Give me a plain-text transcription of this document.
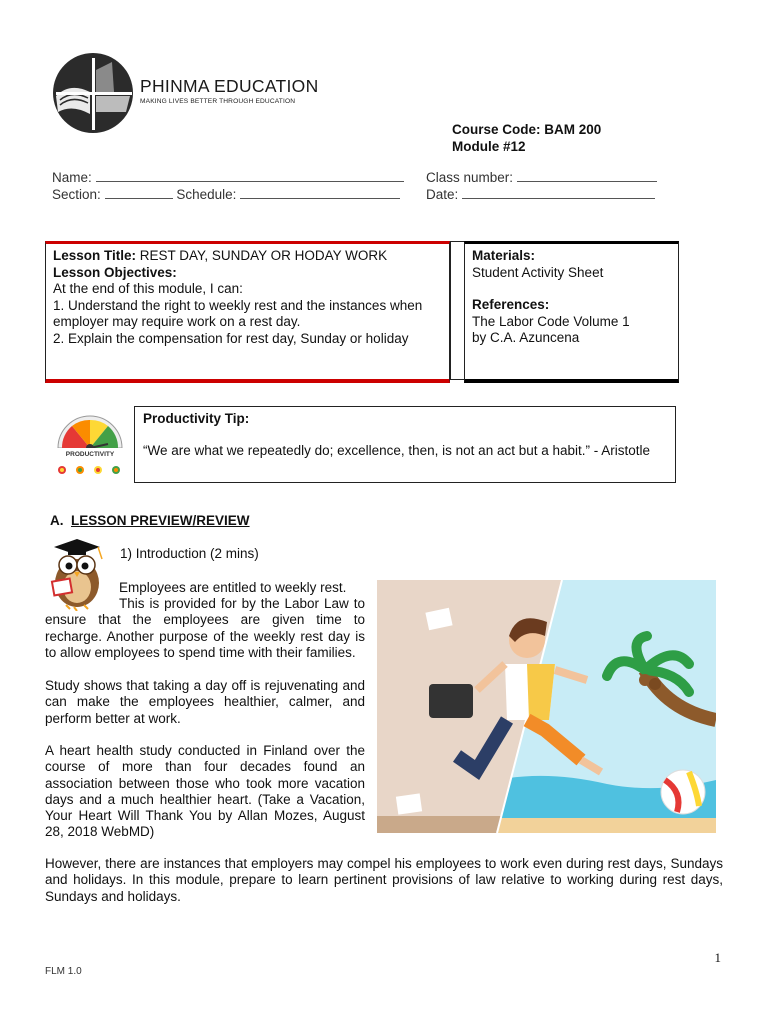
PHINMA EDUCATION
MAKING LIVES BETTER THROUGH EDUCATION
Course Code: BAM 200
Module #12
Name:	Class number:
Section:	Schedule:	Date:
Lesson Title: REST DAY, SUNDAY OR HODAY WORK
Lesson Objectives:
At the end of this module, I can:
1. Understand the right to weekly rest and the instances when employer may require work on a rest day.
2. Explain the compensation for rest day, Sunday or holiday
Materials:
Student Activity Sheet
References:
The Labor Code Volume 1
by C.A. Azuncena
PRODUCTIVITY
Productivity Tip:
“We are what we repeatedly do; excellence, then, is not an act but a habit.” - Aristotle
A. LESSON PREVIEW/REVIEW
1) Introduction (2 mins)
Employees are entitled to weekly rest.
This is provided for by the Labor Law to ensure that the employees are given time to recharge. Another purpose of the weekly rest day is to allow employees to spend time with their families.
Study shows that taking a day off is rejuvenating and can make the employees healthier, calmer, and perform better at work.
A heart health study conducted in Finland over the course of more than four decades found an association between those who took more vacation days and a much healthier heart. (Take a Vacation, Your Heart Will Thank You by Allan Mozes, August 28, 2018 WebMD)
However, there are instances that employers may compel his employees to work even during rest days, Sundays and holidays. In this module, prepare to learn pertinent provisions of law relative to working during rest days, Sundays and holidays.
1
FLM 1.0
